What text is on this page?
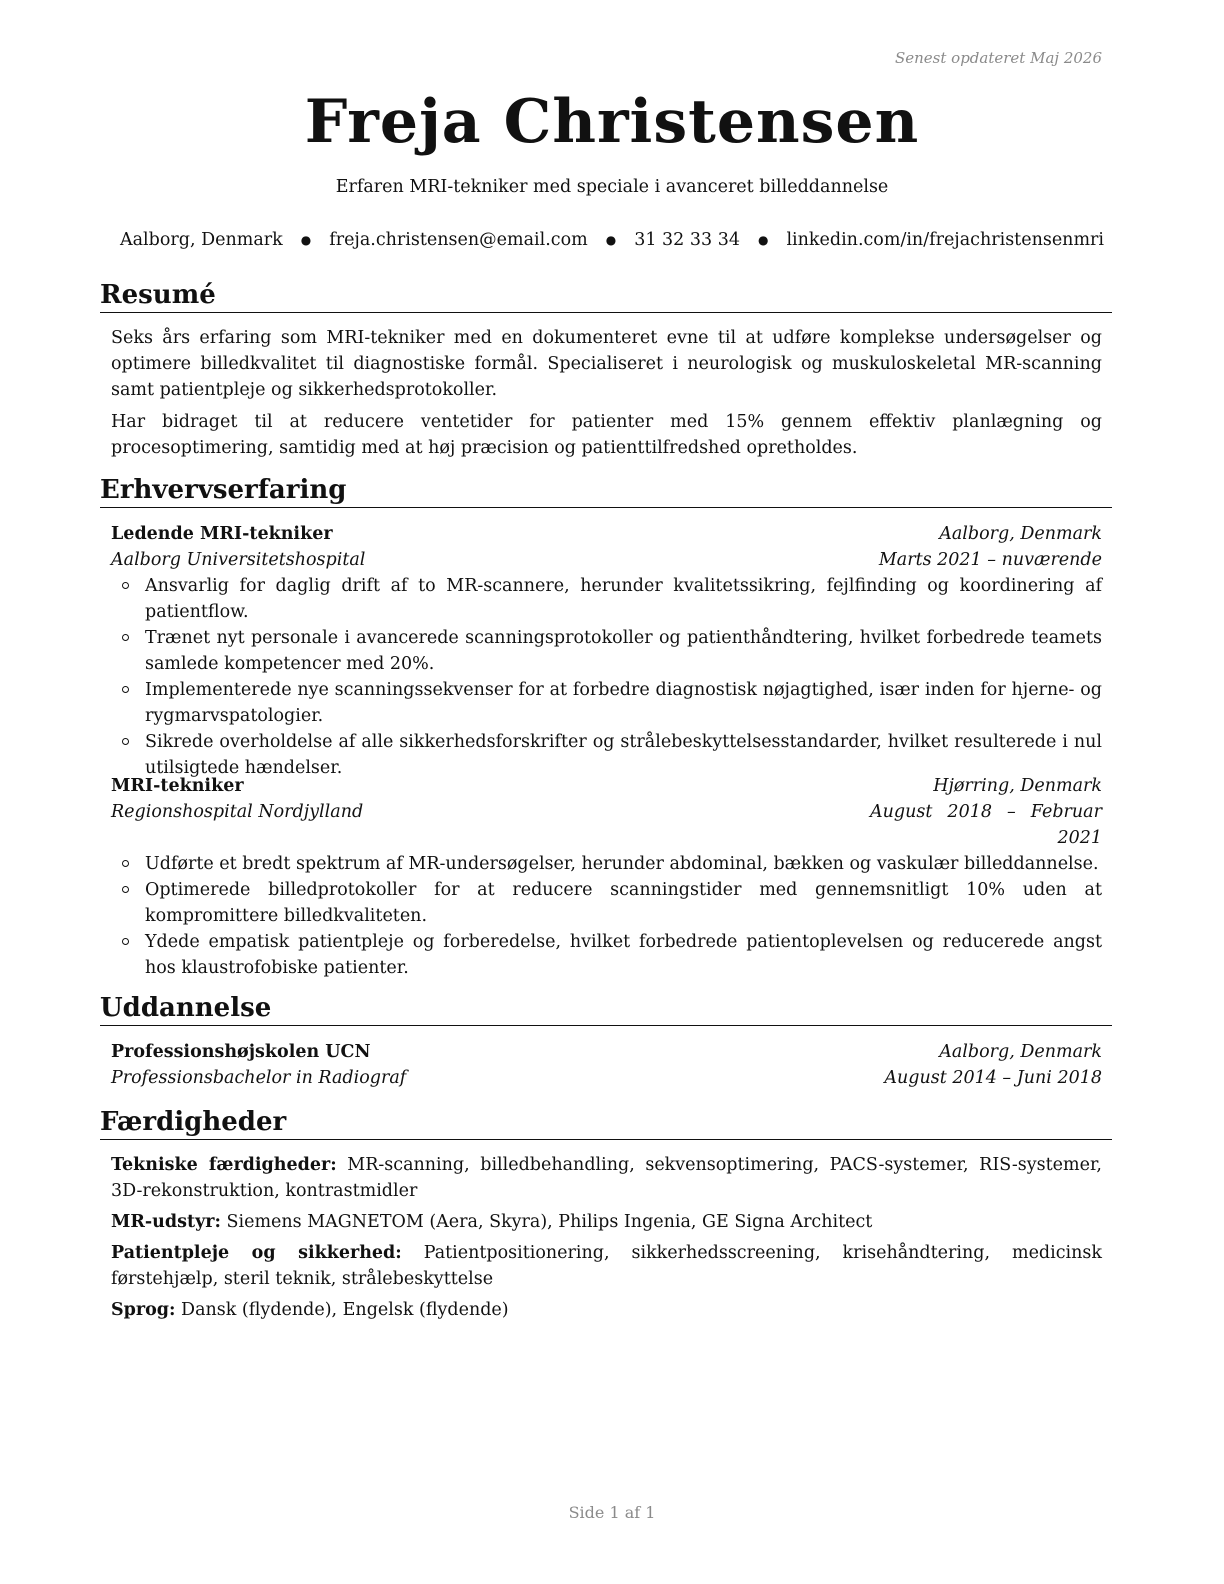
Senest opdateret Maj 2026
Freja Christensen
Erfaren MRI-tekniker med speciale i avanceret billeddannelse
Aalborg, Denmark ● freja.christensen@email.com ● 31 32 33 34 ● linkedin.com/in/frejachristensenmri
Resumé

Seks års erfaring som MRI-tekniker med en dokumenteret evne til at udføre komplekse undersøgelser og optimere billedkvalitet til diagnostiske formål. Specialiseret i neurologisk og muskuloskeletal MR-scanning samt patientpleje og sikkerhedsprotokoller.

Har bidraget til at reducere ventetider for patienter med 15% gennem effektiv planlægning og procesoptimering, samtidig med at høj præcision og patienttilfredshed opretholdes.

Erhvervserfaring
Ledende MRI-tekniker	Aalborg, Denmark
Aalborg Universitetshospital	Marts 2021 – nuværende
Ansvarlig for daglig drift af to MR-scannere, herunder kvalitetssikring, fejlfinding og koordinering af patientflow.
Trænet nyt personale i avancerede scanningsprotokoller og patienthåndtering, hvilket forbedrede teamets samlede kompetencer med 20%.
Implementerede nye scanningssekvenser for at forbedre diagnostisk nøjagtighed, især inden for hjerne- og rygmarvspatologier.
Sikrede overholdelse af alle sikkerhedsforskrifter og strålebeskyttelsesstandarder, hvilket resulterede i nul utilsigtede hændelser.
MRI-tekniker	Hjørring, Denmark
Regionshospital Nordjylland	August 2018 – Februar 2021
Udførte et bredt spektrum af MR-undersøgelser, herunder abdominal, bækken og vaskulær billeddannelse.
Optimerede billedprotokoller for at reducere scanningstider med gennemsnitligt 10% uden at kompromittere billedkvaliteten.
Ydede empatisk patientpleje og forberedelse, hvilket forbedrede patientoplevelsen og reducerede angst hos klaustrofobiske patienter.
Uddannelse
Professionshøjskolen UCN	Aalborg, Denmark
Professionsbachelor in Radiograf	August 2014 – Juni 2018
Færdigheder

Tekniske færdigheder: MR-scanning, billedbehandling, sekvensoptimering, PACS-systemer, RIS-systemer, 3D-rekonstruktion, kontrastmidler

MR-udstyr: Siemens MAGNETOM (Aera, Skyra), Philips Ingenia, GE Signa Architect

Patientpleje og sikkerhed: Patientpositionering, sikkerhedsscreening, krisehåndtering, medicinsk førstehjælp, steril teknik, strålebeskyttelse

Sprog: Dansk (flydende), Engelsk (flydende)

Side 1 af 1
